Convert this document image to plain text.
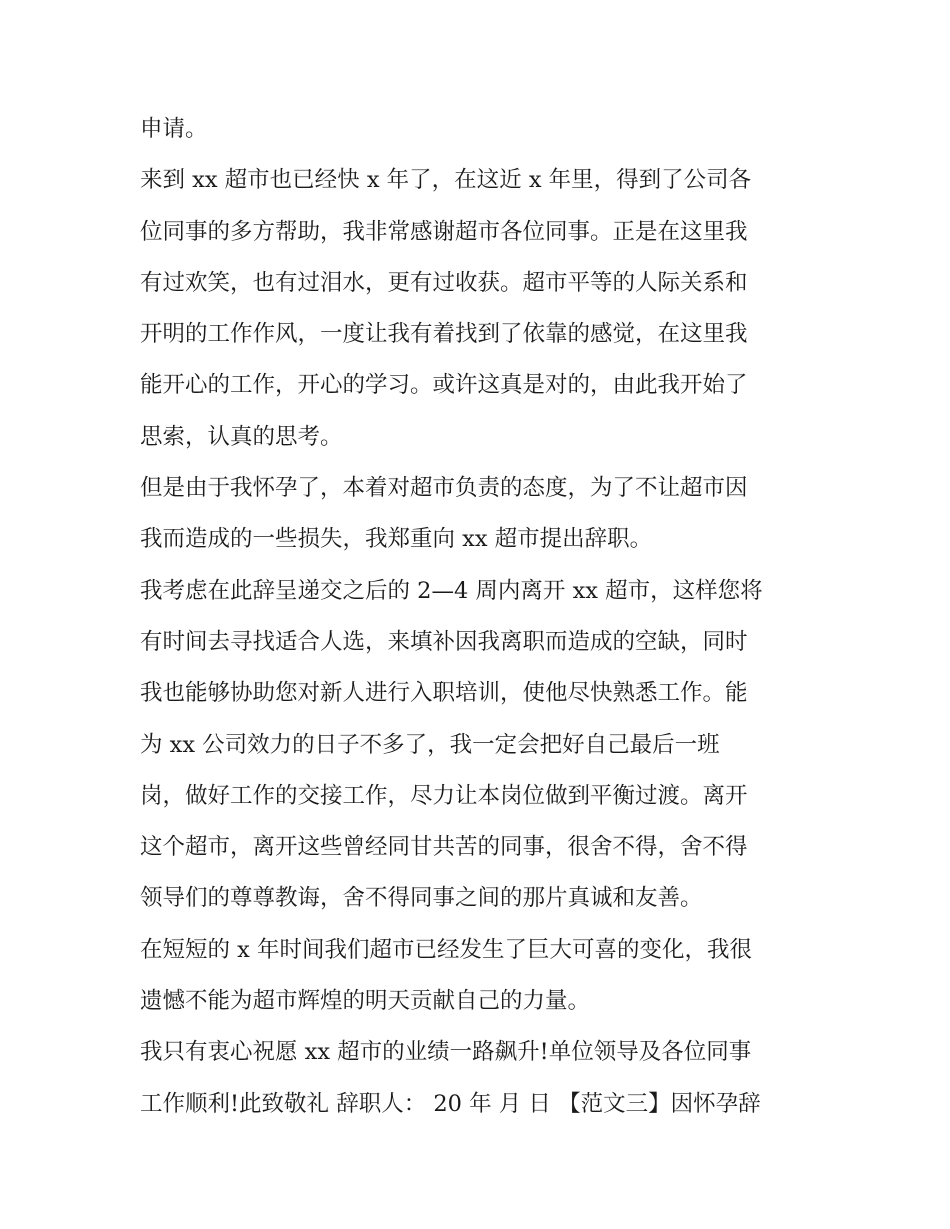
申请。
来到 xx 超市也已经快 x 年了，在这近 x 年里，得到了公司各
位同事的多方帮助，我非常感谢超市各位同事。正是在这里我
有过欢笑，也有过泪水，更有过收获。超市平等的人际关系和
开明的工作作风，一度让我有着找到了依靠的感觉，在这里我
能开心的工作，开心的学习。或许这真是对的，由此我开始了
思索，认真的思考。
但是由于我怀孕了，本着对超市负责的态度，为了不让超市因
我而造成的一些损失，我郑重向 xx 超市提出辞职。
我考虑在此辞呈递交之后的 2—4 周内离开 xx 超市，这样您将
有时间去寻找适合人选，来填补因我离职而造成的空缺，同时
我也能够协助您对新人进行入职培训，使他尽快熟悉工作。能
为 xx 公司效力的日子不多了，我一定会把好自己最后一班
岗，做好工作的交接工作，尽力让本岗位做到平衡过渡。离开
这个超市，离开这些曾经同甘共苦的同事，很舍不得，舍不得
领导们的尊尊教诲，舍不得同事之间的那片真诚和友善。
在短短的 x 年时间我们超市已经发生了巨大可喜的变化，我很
遗憾不能为超市辉煌的明天贡献自己的力量。
我只有衷心祝愿 xx 超市的业绩一路飙升!单位领导及各位同事
工作顺利!此致敬礼 辞职人： 20 年 月 日 【范文三】因怀孕辞
